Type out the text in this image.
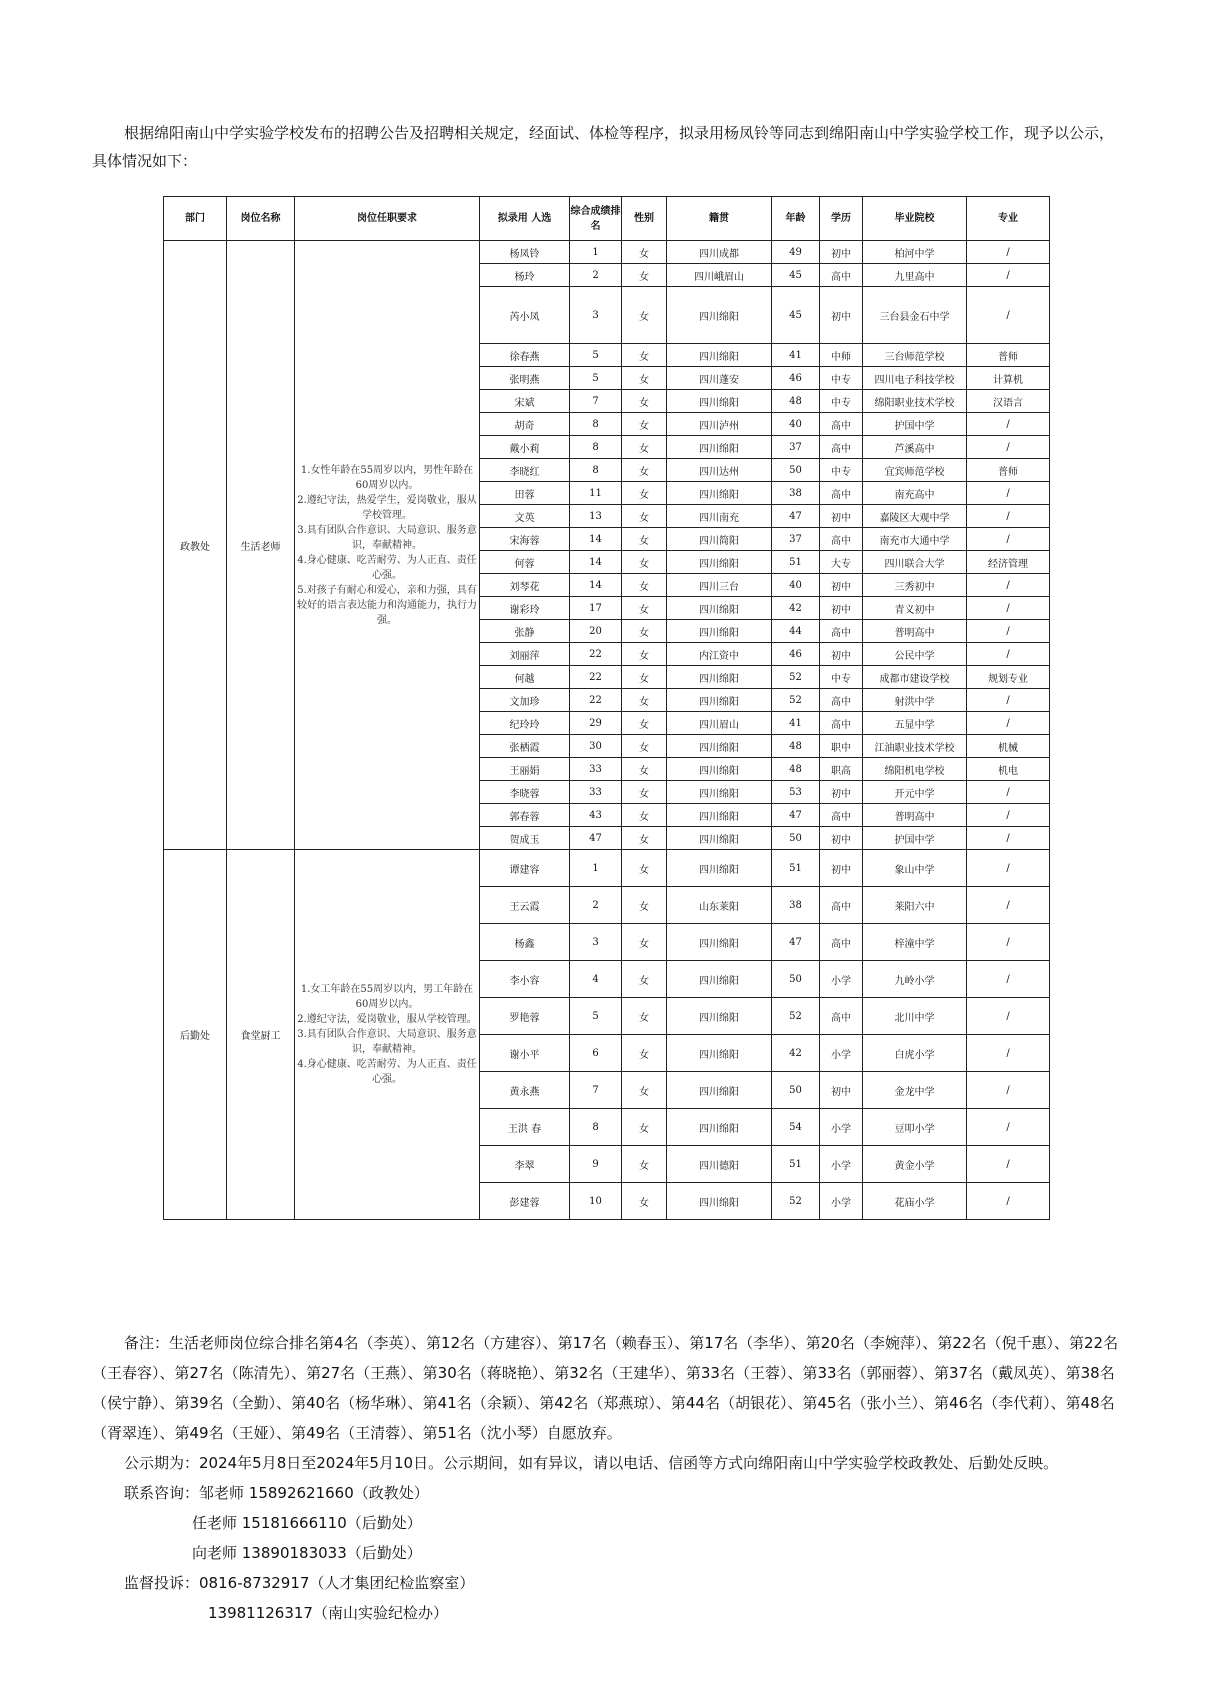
根据绵阳南山中学实验学校发布的招聘公告及招聘相关规定，经面试、体检等程序，拟录用杨凤铃等同志到绵阳南山中学实验学校工作，现予以公示，具体情况如下：

部门	岗位名称	岗位任职要求	拟录用 人选	综合成绩排名	性别	籍贯	年龄	学历	毕业院校	专业
政教处	生活老师	1.女性年龄在55周岁以内，男性年龄在60周岁以内。
2.遵纪守法，热爱学生，爱岗敬业，服从学校管理。
3.具有团队合作意识、大局意识、服务意识，奉献精神。
4.身心健康、吃苦耐劳、为人正直、责任心强。
5.对孩子有耐心和爱心，亲和力强，具有较好的语言表达能力和沟通能力，执行力强。	杨凤铃	1	女	四川成都	49	初中	柏河中学	/
			杨玲	2	女	四川峨眉山	45	高中	九里高中	/
			芮小凤	3	女	四川绵阳	45	初中	三台县金石中学	/
			徐春燕	5	女	四川绵阳	41	中师	三台师范学校	普师
			张明燕	5	女	四川蓬安	46	中专	四川电子科技学校	计算机
			宋斌	7	女	四川绵阳	48	中专	绵阳职业技术学校	汉语言
			胡奇	8	女	四川泸州	40	高中	护国中学	/
			戴小莉	8	女	四川绵阳	37	高中	芦溪高中	/
			李晓红	8	女	四川达州	50	中专	宜宾师范学校	普师
			田蓉	11	女	四川绵阳	38	高中	南充高中	/
			文英	13	女	四川南充	47	初中	嘉陵区大观中学	/
			宋海蓉	14	女	四川简阳	37	高中	南充市大通中学	/
			何蓉	14	女	四川绵阳	51	大专	四川联合大学	经济管理
			刘琴花	14	女	四川三台	40	初中	三秀初中	/
			谢彩玲	17	女	四川绵阳	42	初中	青义初中	/
			张静	20	女	四川绵阳	44	高中	普明高中	/
			刘丽萍	22	女	内江资中	46	初中	公民中学	/
			何越	22	女	四川绵阳	52	中专	成都市建设学校	规划专业
			文加珍	22	女	四川绵阳	52	高中	射洪中学	/
			纪玲玲	29	女	四川眉山	41	高中	五显中学	/
			张栖霞	30	女	四川绵阳	48	职中	江油职业技术学校	机械
			王丽娟	33	女	四川绵阳	48	职高	绵阳机电学校	机电
			李晓蓉	33	女	四川绵阳	53	初中	开元中学	/
			郭春蓉	43	女	四川绵阳	47	高中	普明高中	/
			贺成玉	47	女	四川绵阳	50	初中	护国中学	/
后勤处	食堂厨工	1.女工年龄在55周岁以内，男工年龄在60周岁以内。
2.遵纪守法，爱岗敬业，服从学校管理。
3.具有团队合作意识、大局意识、服务意识，奉献精神。
4.身心健康、吃苦耐劳、为人正直、责任心强。	谭建容	1	女	四川绵阳	51	初中	象山中学	/
			王云霞	2	女	山东莱阳	38	高中	莱阳六中	/
			杨鑫	3	女	四川绵阳	47	高中	梓潼中学	/
			李小容	4	女	四川绵阳	50	小学	九岭小学	/
			罗艳蓉	5	女	四川绵阳	52	高中	北川中学	/
			谢小平	6	女	四川绵阳	42	小学	白虎小学	/
			黄永燕	7	女	四川绵阳	50	初中	金龙中学	/
			王洪 春	8	女	四川绵阳	54	小学	豆叩小学	/
			李翠	9	女	四川德阳	51	小学	黄金小学	/
			彭建蓉	10	女	四川绵阳	52	小学	花庙小学	/

备注：生活老师岗位综合排名第4名（李英）、第12名（方建容）、第17名（赖春玉）、第17名（李华）、第20名（李婉萍）、第22名（倪千惠）、第22名（王春容）、第27名（陈清先）、第27名（王燕）、第30名（蒋晓艳）、第32名（王建华）、第33名（王蓉）、第33名（郭丽蓉）、第37名（戴凤英）、第38名（侯宁静）、第39名（全勤）、第40名（杨华琳）、第41名（余颖）、第42名（郑燕琼）、第44名（胡银花）、第45名（张小兰）、第46名（李代莉）、第48名（胥翠连）、第49名（王娅）、第49名（王清蓉）、第51名（沈小琴）自愿放弃。

公示期为：2024年5月8日至2024年5月10日。公示期间，如有异议，请以电话、信函等方式向绵阳南山中学实验学校政教处、后勤处反映。

联系咨询：邹老师 15892621660（政教处）

任老师 15181666110（后勤处）

向老师 13890183033（后勤处）

监督投诉：0816-8732917（人才集团纪检监察室）

13981126317（南山实验纪检办）
